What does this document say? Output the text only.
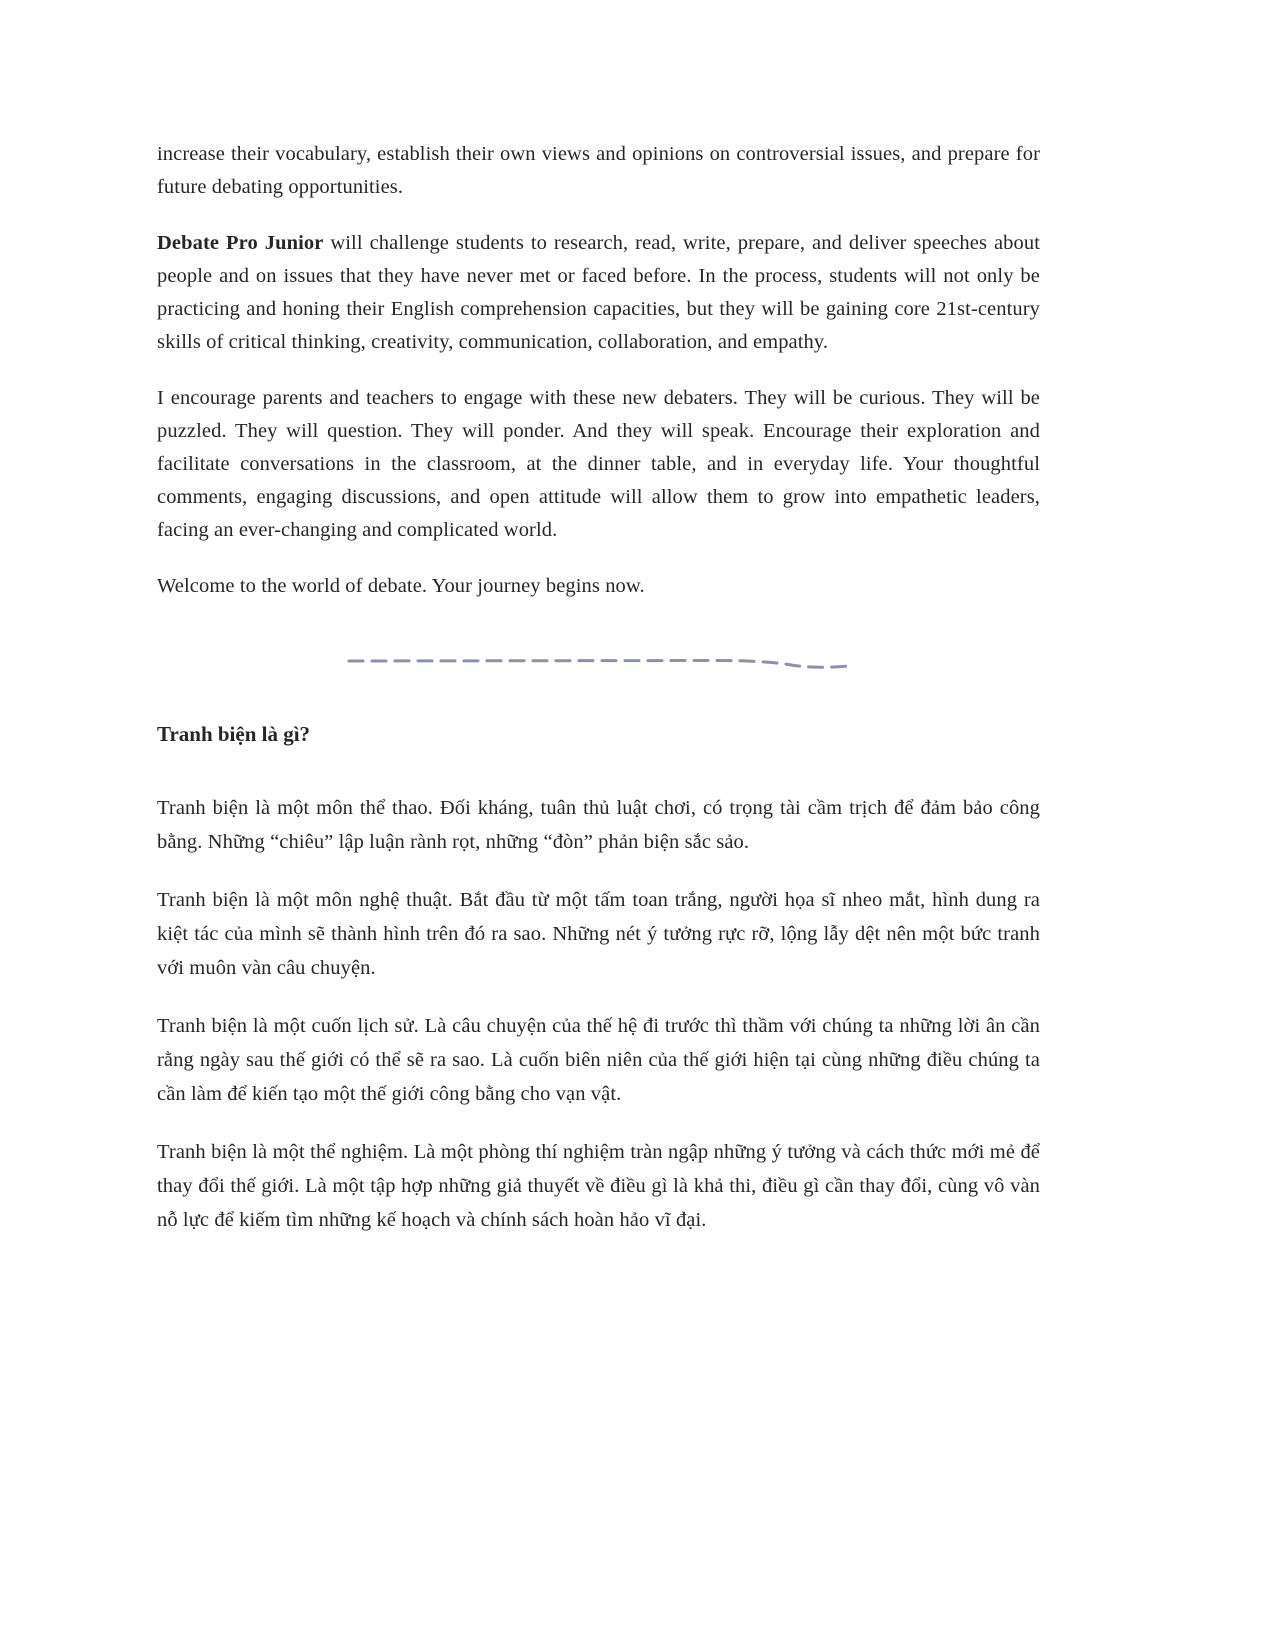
increase their vocabulary, establish their own views and opinions on controversial issues, and prepare for future debating opportunities.

Debate Pro Junior will challenge students to research, read, write, prepare, and deliver speeches about people and on issues that they have never met or faced before. In the process, students will not only be practicing and honing their English comprehension capacities, but they will be gaining core 21st-century skills of critical thinking, creativity, communication, collaboration, and empathy.

I encourage parents and teachers to engage with these new debaters. They will be curious. They will be puzzled. They will question. They will ponder. And they will speak. Encourage their exploration and facilitate conversations in the classroom, at the dinner table, and in everyday life. Your thoughtful comments, engaging discussions, and open attitude will allow them to grow into empathetic leaders, facing an ever-changing and complicated world.

Welcome to the world of debate. Your journey begins now.

Tranh biện là gì?

Tranh biện là một môn thể thao. Đối kháng, tuân thủ luật chơi, có trọng tài cầm trịch để đảm bảo công bằng. Những “chiêu” lập luận rành rọt, những “đòn” phản biện sắc sảo.

Tranh biện là một môn nghệ thuật. Bắt đầu từ một tấm toan trắng, người họa sĩ nheo mắt, hình dung ra kiệt tác của mình sẽ thành hình trên đó ra sao. Những nét ý tưởng rực rỡ, lộng lẫy dệt nên một bức tranh với muôn vàn câu chuyện.

Tranh biện là một cuốn lịch sử. Là câu chuyện của thế hệ đi trước thì thầm với chúng ta những lời ân cần rằng ngày sau thế giới có thể sẽ ra sao. Là cuốn biên niên của thế giới hiện tại cùng những điều chúng ta cần làm để kiến tạo một thế giới công bằng cho vạn vật.

Tranh biện là một thể nghiệm. Là một phòng thí nghiệm tràn ngập những ý tưởng và cách thức mới mẻ để thay đổi thế giới. Là một tập hợp những giả thuyết về điều gì là khả thi, điều gì cần thay đổi, cùng vô vàn nỗ lực để kiếm tìm những kế hoạch và chính sách hoàn hảo vĩ đại.
